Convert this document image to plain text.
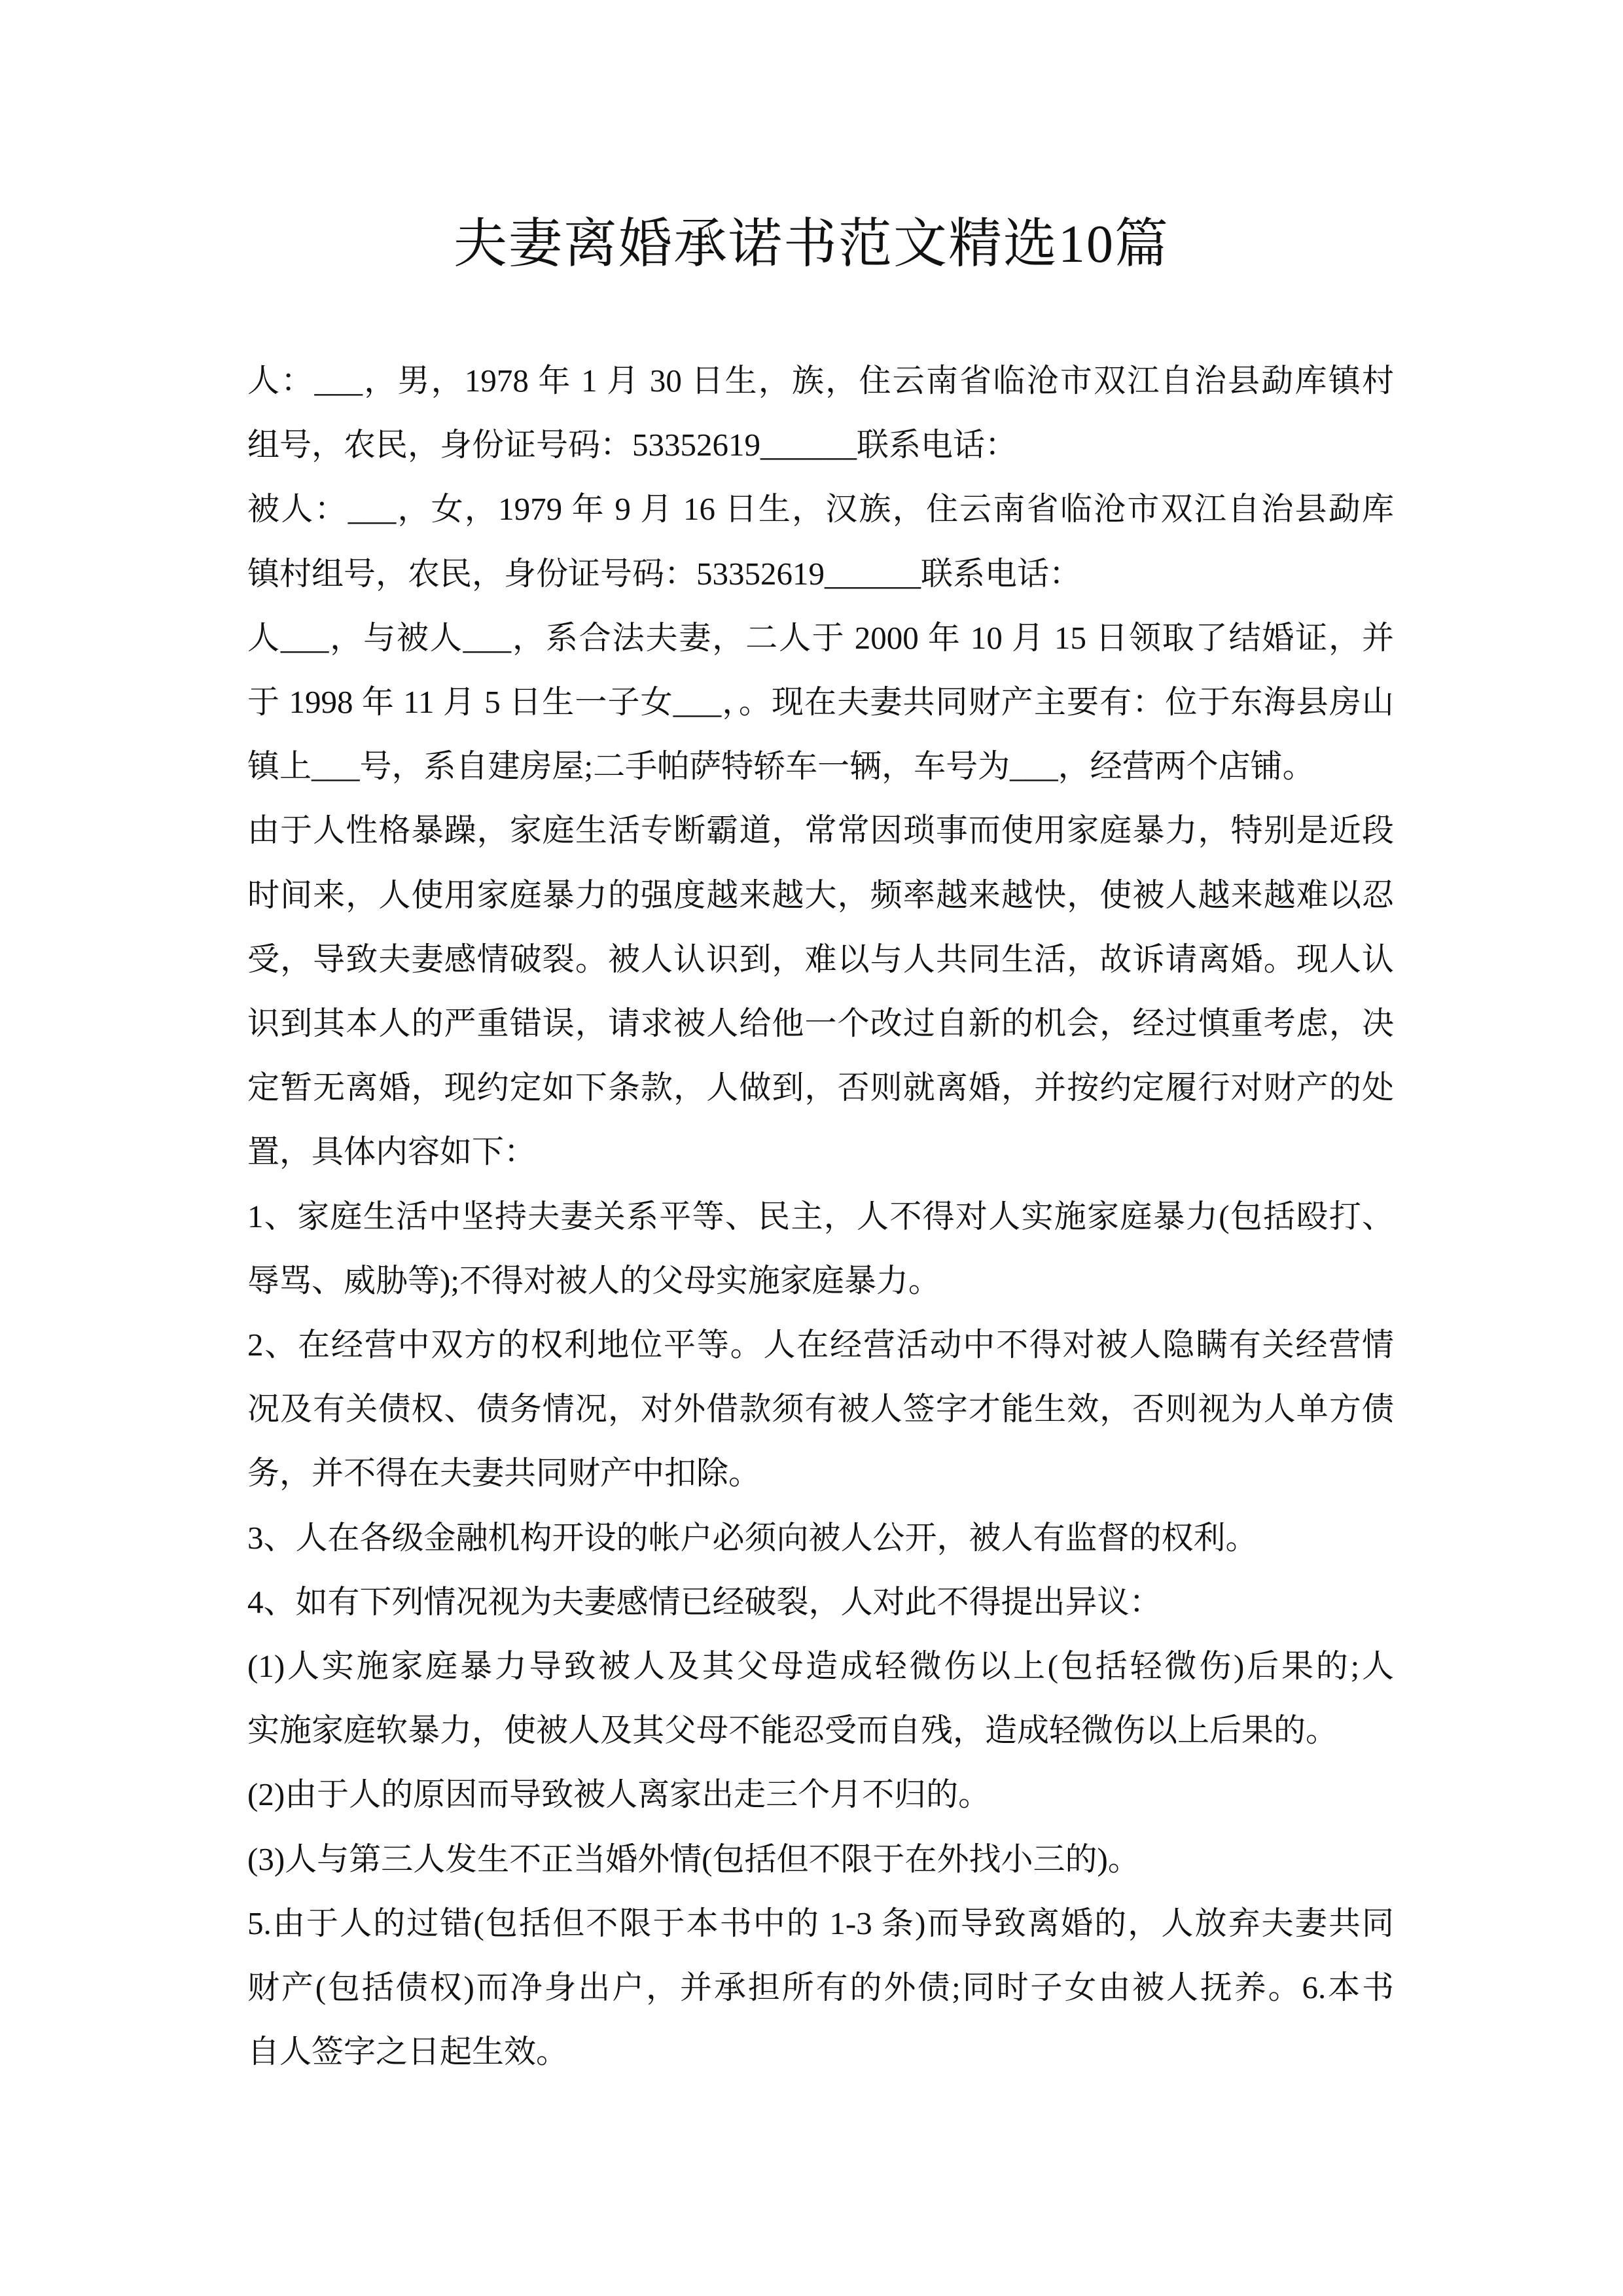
夫妻离婚承诺书范文精选10篇
人：___，男，1978 年 1 月 30 日生，族，住云南省临沧市双江自治县勐库镇村
组号，农民，身份证号码：53352619______联系电话：
被人：___，女，1979 年 9 月 16 日生，汉族，住云南省临沧市双江自治县勐库
镇村组号，农民，身份证号码：53352619______联系电话：
人___，与被人___，系合法夫妻，二人于 2000 年 10 月 15 日领取了结婚证，并
于 1998 年 11 月 5 日生一子女___，。现在夫妻共同财产主要有：位于东海县房山
镇上___号，系自建房屋;二手帕萨特轿车一辆，车号为___，经营两个店铺。
由于人性格暴躁，家庭生活专断霸道，常常因琐事而使用家庭暴力，特别是近段
时间来，人使用家庭暴力的强度越来越大，频率越来越快，使被人越来越难以忍
受，导致夫妻感情破裂。被人认识到，难以与人共同生活，故诉请离婚。现人认
识到其本人的严重错误，请求被人给他一个改过自新的机会，经过慎重考虑，决
定暂无离婚，现约定如下条款，人做到，否则就离婚，并按约定履行对财产的处
置，具体内容如下：
1、家庭生活中坚持夫妻关系平等、民主，人不得对人实施家庭暴力(包括殴打、
辱骂、威胁等);不得对被人的父母实施家庭暴力。
2、在经营中双方的权利地位平等。人在经营活动中不得对被人隐瞒有关经营情
况及有关债权、债务情况，对外借款须有被人签字才能生效，否则视为人单方债
务，并不得在夫妻共同财产中扣除。
3、人在各级金融机构开设的帐户必须向被人公开，被人有监督的权利。
4、如有下列情况视为夫妻感情已经破裂，人对此不得提出异议：
(1)人实施家庭暴力导致被人及其父母造成轻微伤以上(包括轻微伤)后果的;人
实施家庭软暴力，使被人及其父母不能忍受而自残，造成轻微伤以上后果的。
(2)由于人的原因而导致被人离家出走三个月不归的。
(3)人与第三人发生不正当婚外情(包括但不限于在外找小三的)。
5.由于人的过错(包括但不限于本书中的 1-3 条)而导致离婚的，人放弃夫妻共同
财产(包括债权)而净身出户，并承担所有的外债;同时子女由被人抚养。6.本书
自人签字之日起生效。
